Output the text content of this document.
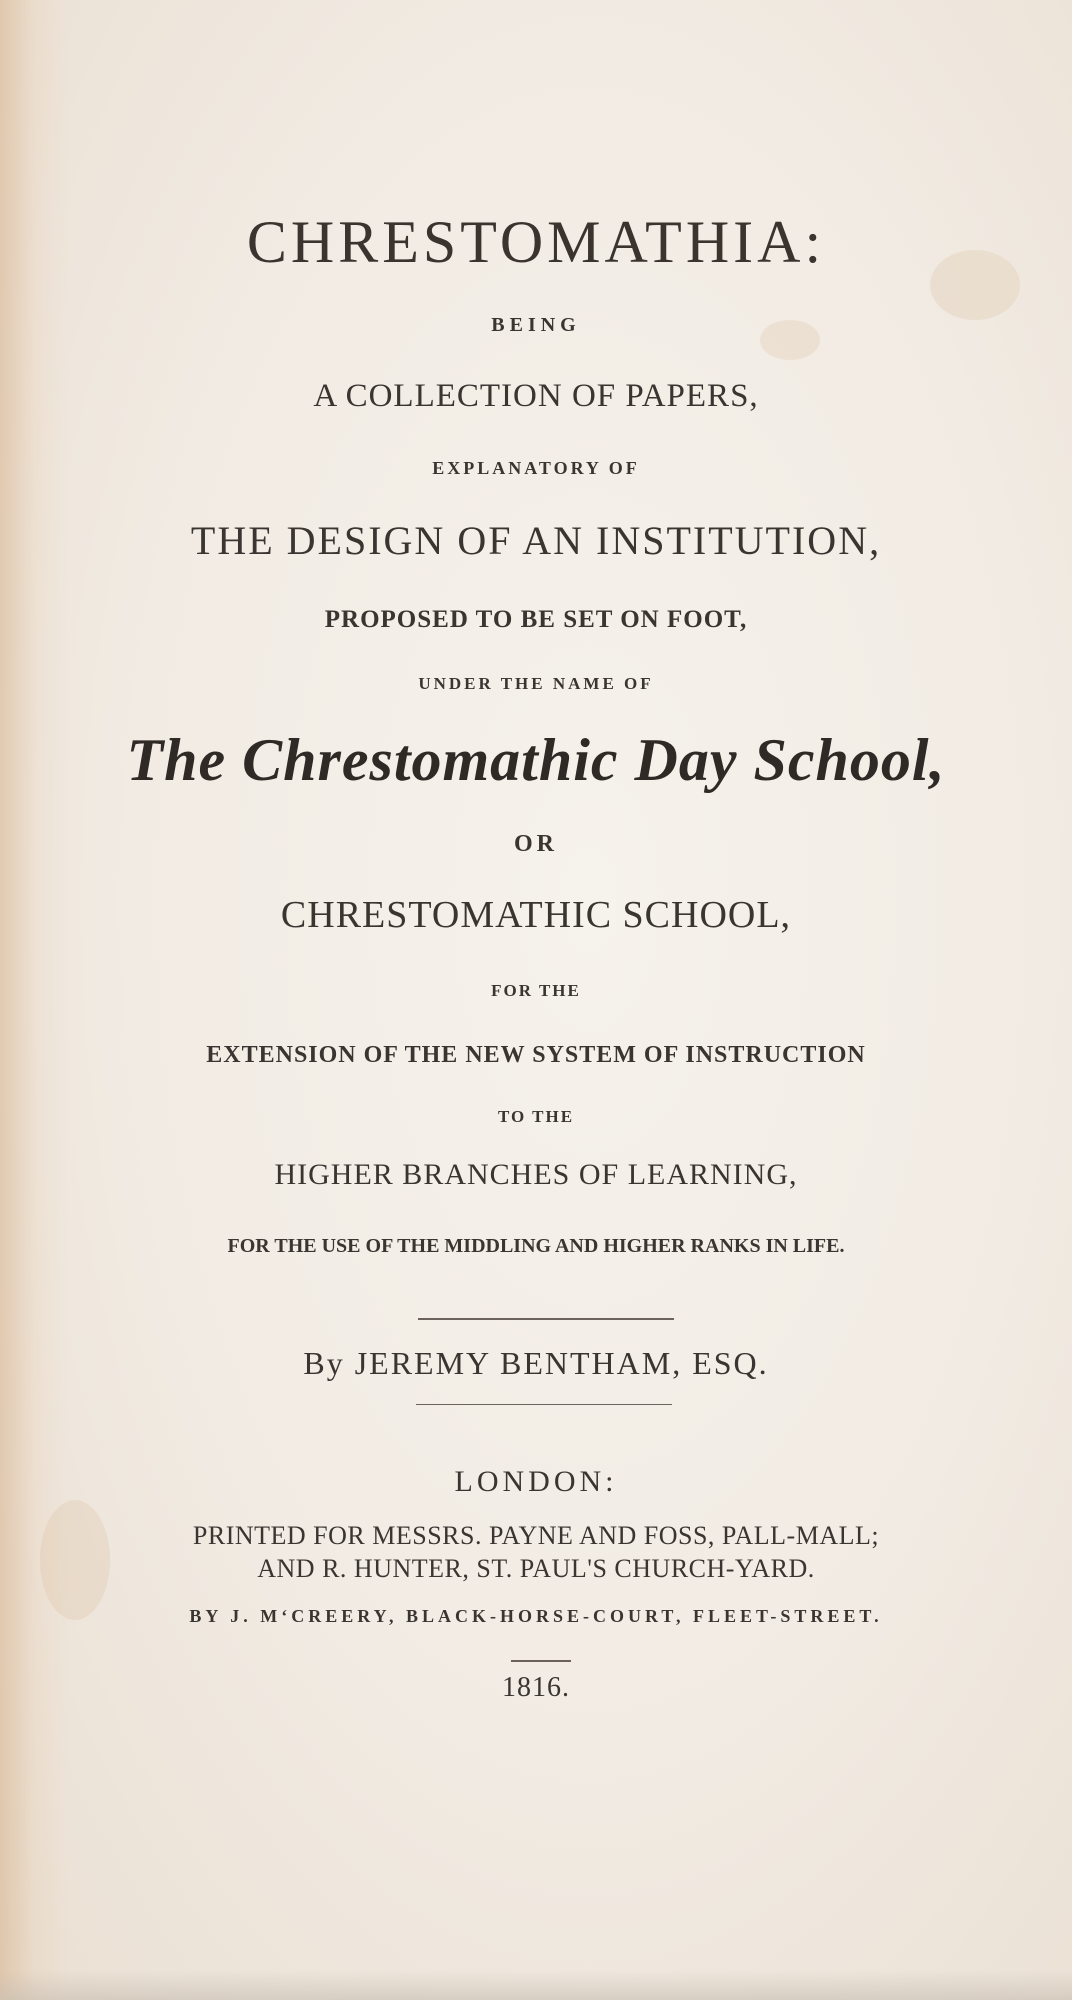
CHRESTOMATHIA:
BEING
A COLLECTION OF PAPERS,
EXPLANATORY OF
THE DESIGN OF AN INSTITUTION,
PROPOSED TO BE SET ON FOOT,
UNDER THE NAME OF
The Chrestomathic Day School,
OR
CHRESTOMATHIC SCHOOL,
FOR THE
EXTENSION OF THE NEW SYSTEM OF INSTRUCTION
TO THE
HIGHER BRANCHES OF LEARNING,
FOR THE USE OF THE MIDDLING AND HIGHER RANKS IN LIFE.
By JEREMY BENTHAM, ESQ.
LONDON:
PRINTED FOR MESSRS. PAYNE AND FOSS, PALL-MALL;
AND R. HUNTER, ST. PAUL'S CHURCH-YARD.
BY J. M‘CREERY, BLACK-HORSE-COURT, FLEET-STREET.
1816.
